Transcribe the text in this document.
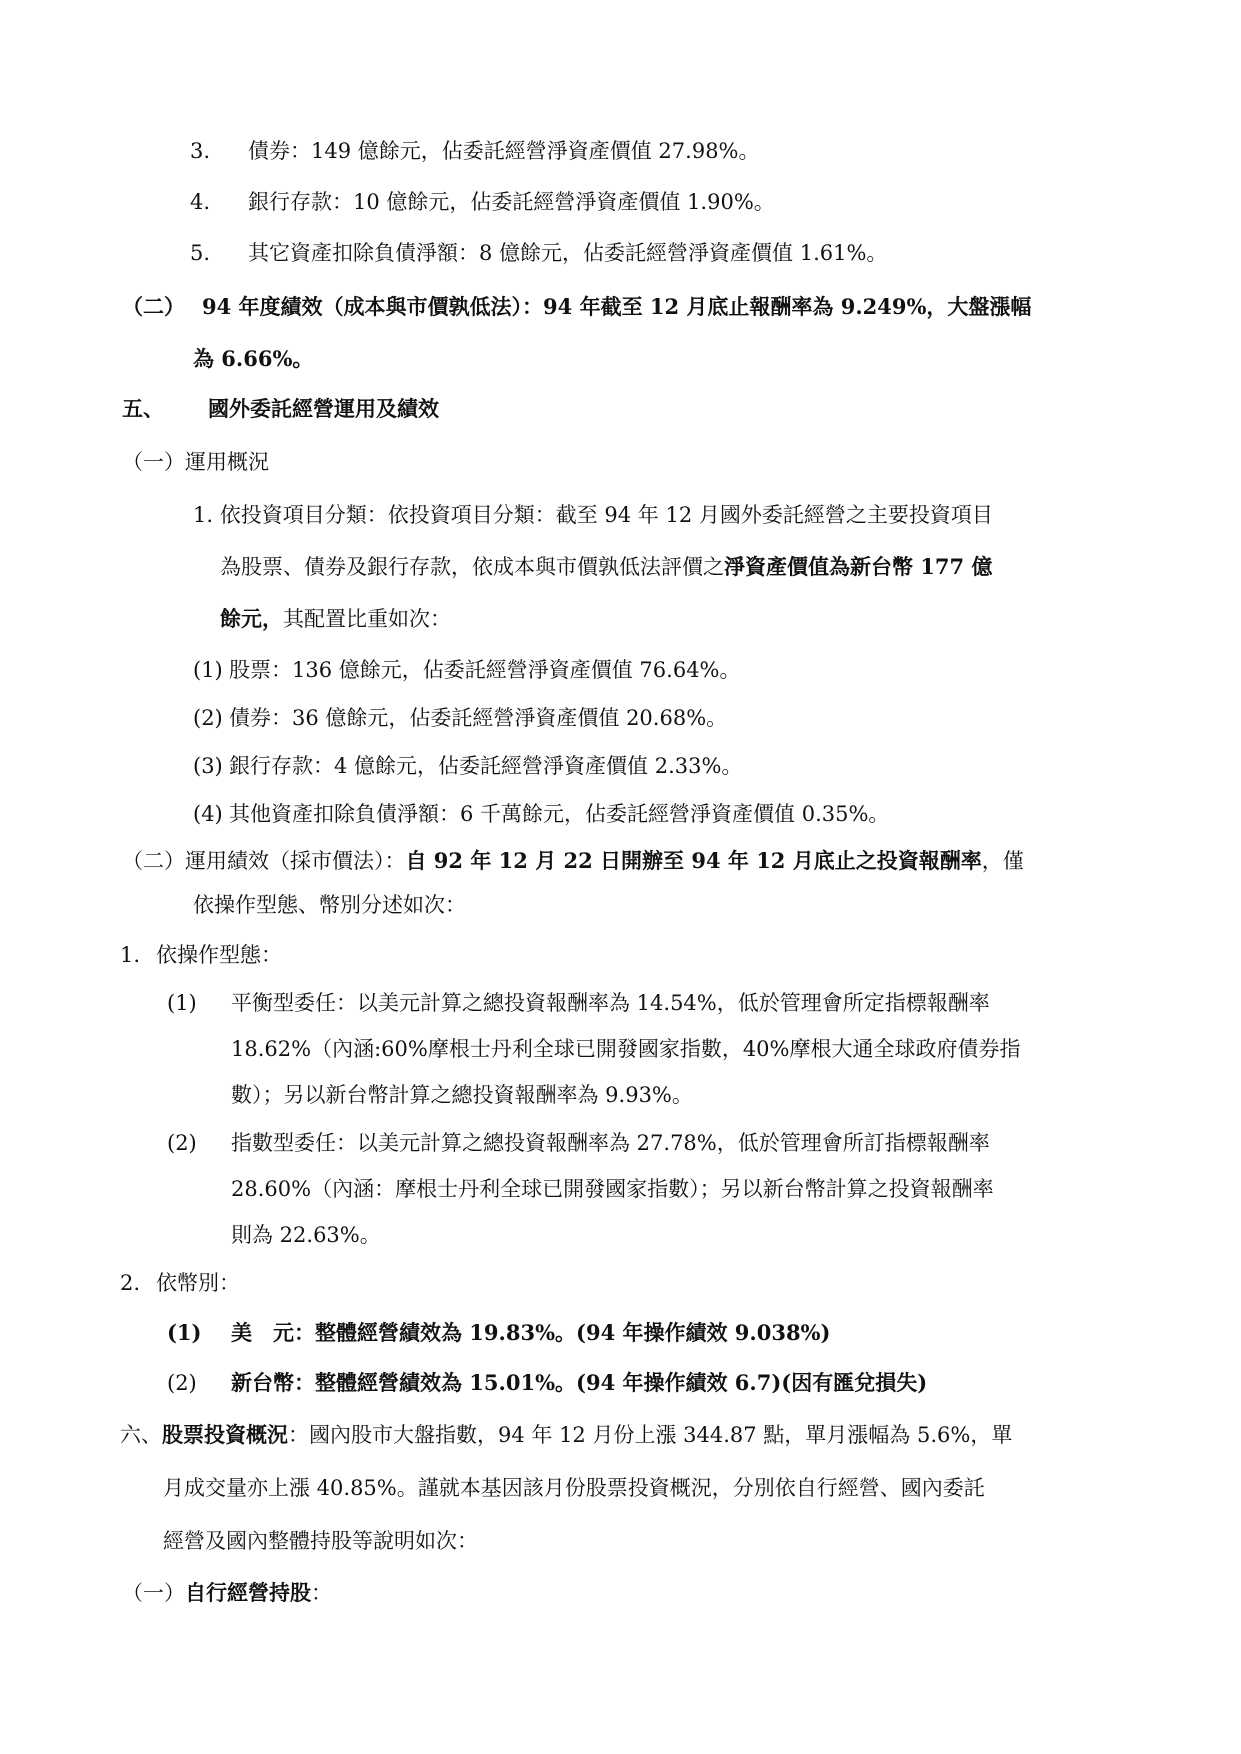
3. 債券：149 億餘元，佔委託經營淨資產價值 27.98%。
4. 銀行存款：10 億餘元，佔委託經營淨資產價值 1.90%。
5. 其它資產扣除負債淨額：8 億餘元，佔委託經營淨資產價值 1.61%。
（二） 94 年度績效（成本與市價孰低法）：94 年截至 12 月底止報酬率為 9.249%，大盤漲幅
為 6.66%。
五、 國外委託經營運用及績效
（一）運用概況
1. 依投資項目分類：依投資項目分類：截至 94 年 12 月國外委託經營之主要投資項目
為股票、債券及銀行存款，依成本與市價孰低法評價之淨資產價值為新台幣 177 億
餘元，其配置比重如次：
(1) 股票：136 億餘元，佔委託經營淨資產價值 76.64%。
(2) 債券：36 億餘元，佔委託經營淨資產價值 20.68%。
(3) 銀行存款：4 億餘元，佔委託經營淨資產價值 2.33%。
(4) 其他資產扣除負債淨額：6 千萬餘元，佔委託經營淨資產價值 0.35%。
（二）運用績效（採市價法）：自 92 年 12 月 22 日開辦至 94 年 12 月底止之投資報酬率，僅
依操作型態、幣別分述如次：
1. 依操作型態：
(1) 平衡型委任：以美元計算之總投資報酬率為 14.54%，低於管理會所定指標報酬率
18.62%（內涵:60%摩根士丹利全球已開發國家指數，40%摩根大通全球政府債券指
數）；另以新台幣計算之總投資報酬率為 9.93%。
(2) 指數型委任：以美元計算之總投資報酬率為 27.78%，低於管理會所訂指標報酬率
28.60%（內涵：摩根士丹利全球已開發國家指數）；另以新台幣計算之投資報酬率
則為 22.63%。
2. 依幣別：
(1) 美　元：整體經營績效為 19.83%。(94 年操作績效 9.038%)
(2) 新台幣：整體經營績效為 15.01%。(94 年操作績效 6.7)(因有匯兌損失)
六、股票投資概況：國內股市大盤指數，94 年 12 月份上漲 344.87 點，單月漲幅為 5.6%，單
月成交量亦上漲 40.85%。謹就本基因該月份股票投資概況，分別依自行經營、國內委託
經營及國內整體持股等說明如次：
（一）自行經營持股：
